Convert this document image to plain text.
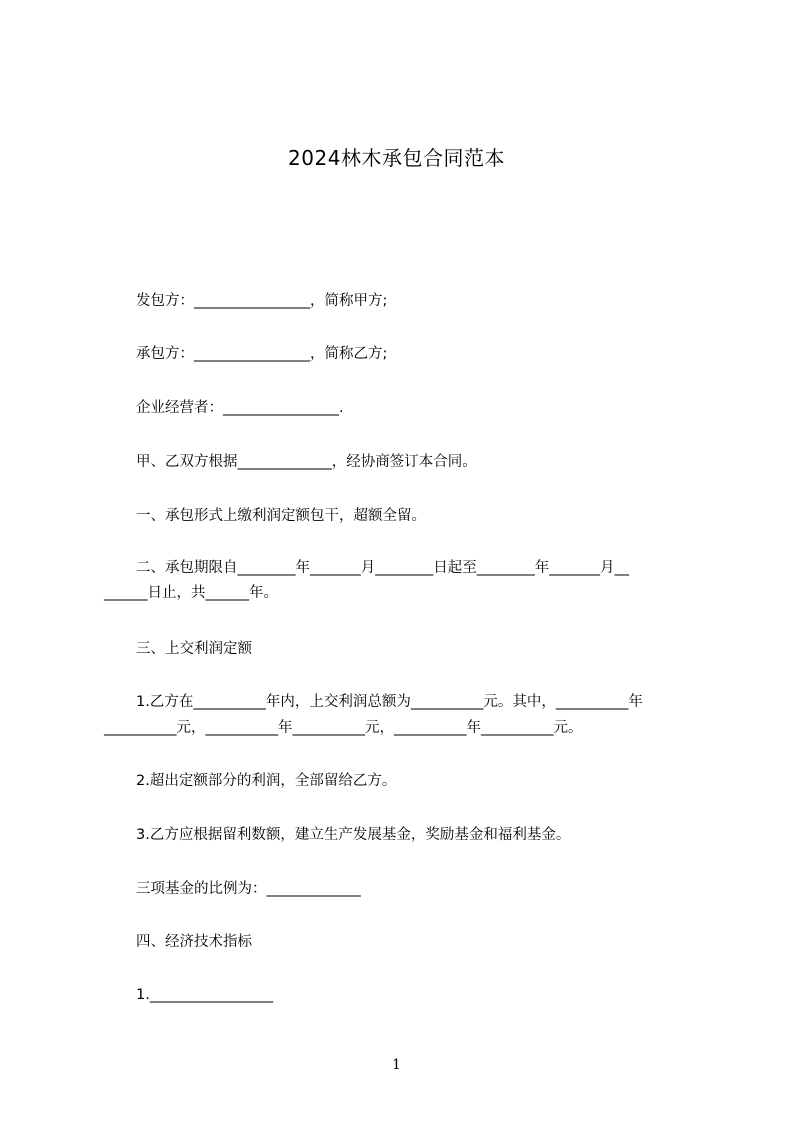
2024林木承包合同范本
发包方：________________，简称甲方;
承包方：________________，简称乙方;
企业经营者：________________.
甲、乙双方根据_____________，经协商签订本合同。
一、承包形式上缴利润定额包干，超额全留。
二、承包期限自________年_______月________日起至________年_______月__
______日止，共______年。
三、上交利润定额
1.乙方在__________年内，上交利润总额为__________元。其中，__________年
__________元，__________年__________元，__________年__________元。
2.超出定额部分的利润，全部留给乙方。
3.乙方应根据留利数额，建立生产发展基金，奖励基金和福利基金。
三项基金的比例为：_____________
四、经济技术指标
1._________________
1
